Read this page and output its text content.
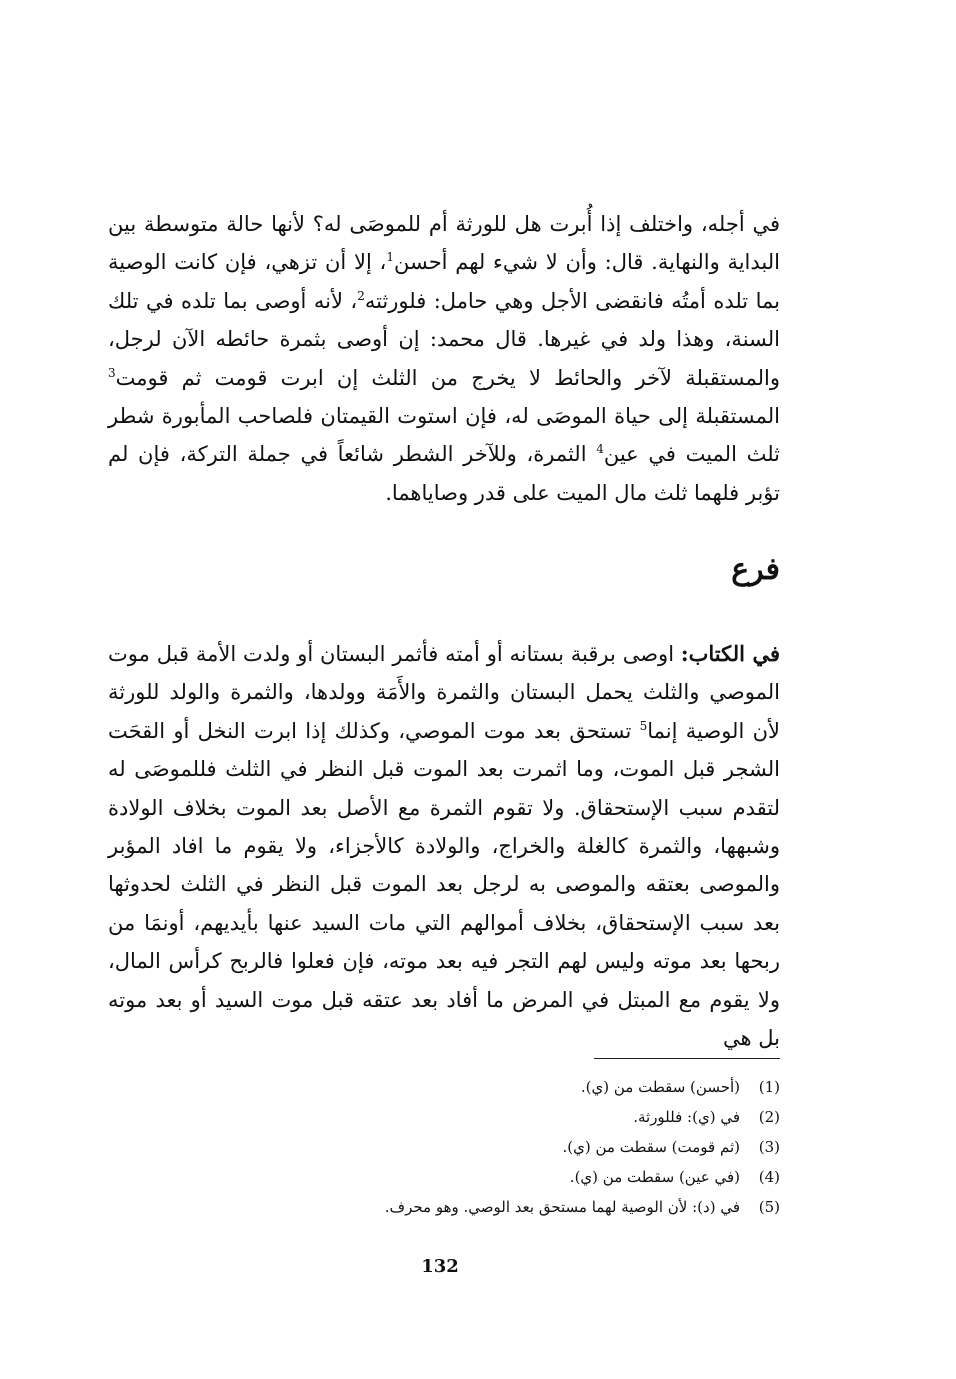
في أجله، واختلف إذا أُبرت هل للورثة أم للموصَى له؟ لأنها حالة متوسطة بين البداية والنهاية. قال: وأن لا شيء لهم أحسن$^1$، إلا أن تزهي، فإن كانت الوصية بما تلده أمتُه فانقضى الأجل وهي حامل: فلورثته$^2$، لأنه أوصى بما تلده في تلك السنة، وهذا ولد في غيرها. قال محمد: إن أوصى بثمرة حائطه الآن لرجل، والمستقبلة لآخر والحائط لا يخرج من الثلث إن ابرت قومت ثم قومت$^3$ المستقبلة إلى حياة الموصَى له، فإن استوت القيمتان فلصاحب المأبورة شطر ثلث الميت في عين$^4$ الثمرة، وللآخر الشطر شائعاً في جملة التركة، فإن لم تؤبر فلهما ثلث مال الميت على قدر وصاياهما.

فرع

في الكتاب: اوصى برقبة بستانه أو أمته فأثمر البستان أو ولدت الأمة قبل موت الموصي والثلث يحمل البستان والثمرة والأَمَة وولدها، والثمرة والولد للورثة لأن الوصية إنما$^5$ تستحق بعد موت الموصي، وكذلك إذا ابرت النخل أو القحَت الشجر قبل الموت، وما اثمرت بعد الموت قبل النظر في الثلث فللموصَى له لتقدم سبب الإستحقاق. ولا تقوم الثمرة مع الأصل بعد الموت بخلاف الولادة وشبهها، والثمرة كالغلة والخراج، والولادة كالأجزاء، ولا يقوم ما افاد المؤبر والموصى بعتقه والموصى به لرجل بعد الموت قبل النظر في الثلث لحدوثها بعد سبب الإستحقاق، بخلاف أموالهم التي مات السيد عنها بأيديهم، أونمَا من ربحها بعد موته وليس لهم التجر فيه بعد موته، فإن فعلوا فالربح كرأس المال، ولا يقوم مع المبتل في المرض ما أفاد بعد عتقه قبل موت السيد أو بعد موته بل هي

(1)(أحسن) سقطت من (ي).
(2)في (ي): فللورثة.
(3)(ثم قومت) سقطت من (ي).
(4)(في عين) سقطت من (ي).
(5)في (د): لأن الوصية لهما مستحق بعد الوصي. وهو محرف.
132
